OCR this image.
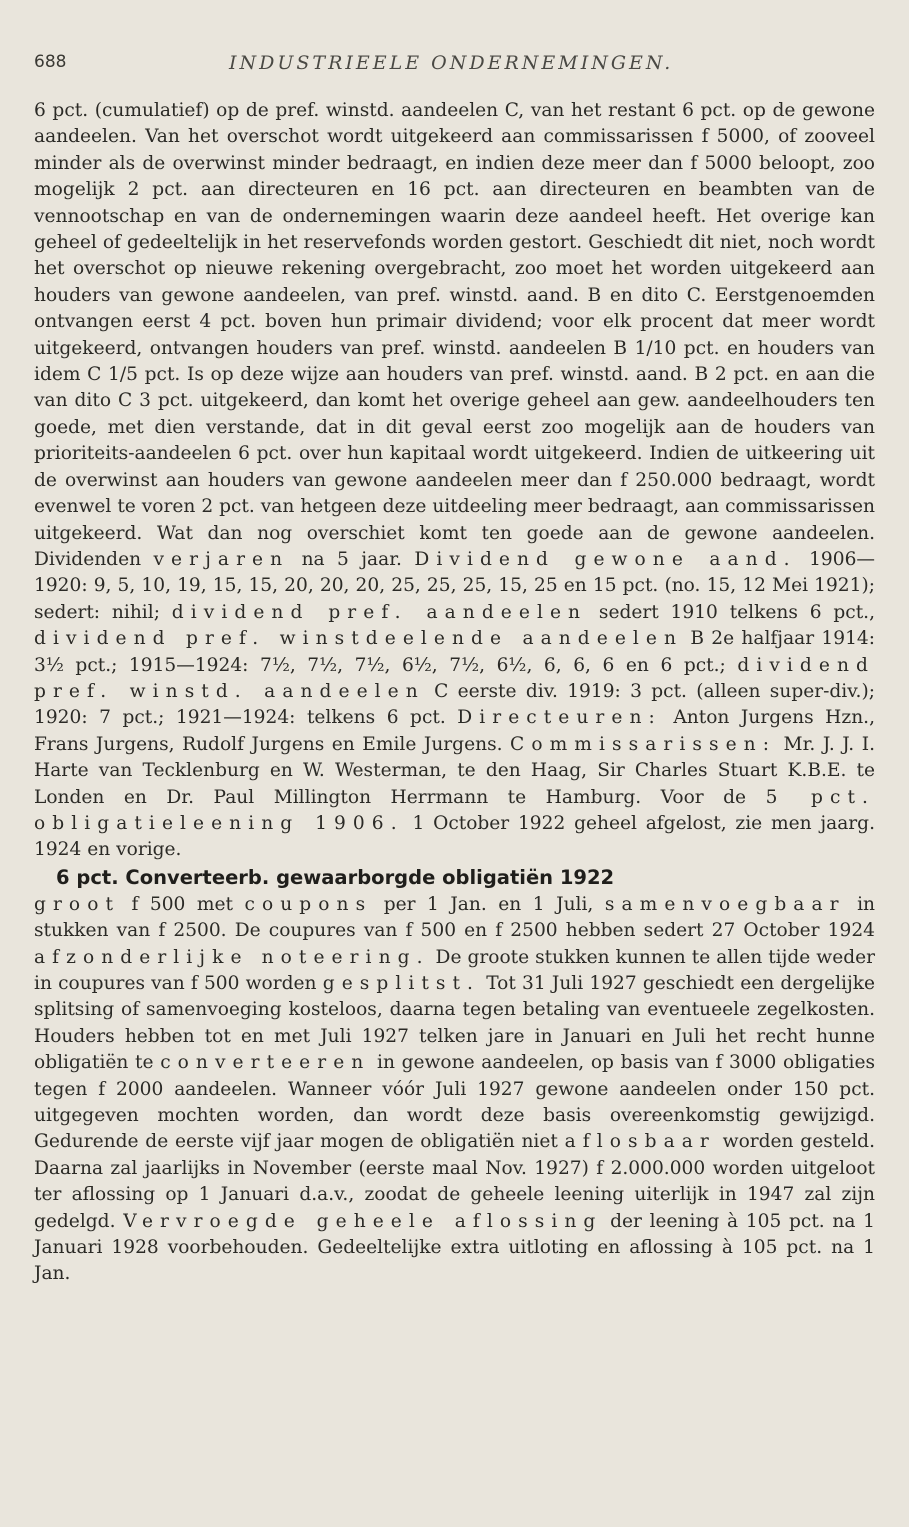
688	INDUSTRIEELE ONDERNEMINGEN.

6 pct. (cumulatief) op de pref. winstd. aandeelen C, van het restant 6 pct. op de gewone aandeelen. Van het overschot wordt uitgekeerd aan commissarissen f 5000, of zooveel minder als de overwinst minder bedraagt, en indien deze meer dan f 5000 beloopt, zoo mogelijk 2 pct. aan directeuren en 16 pct. aan directeuren en beambten van de vennootschap en van de ondernemingen waarin deze aandeel heeft. Het overige kan geheel of gedeeltelijk in het reservefonds worden gestort. Geschiedt dit niet, noch wordt het overschot op nieuwe rekening overgebracht, zoo moet het worden uitgekeerd aan houders van gewone aandeelen, van pref. winstd. aand. B en dito C. Eerstgenoemden ontvangen eerst 4 pct. boven hun primair dividend; voor elk procent dat meer wordt uitgekeerd, ontvangen houders van pref. winstd. aandeelen B 1/10 pct. en houders van idem C 1/5 pct. Is op deze wijze aan houders van pref. winstd. aand. B 2 pct. en aan die van dito C 3 pct. uitgekeerd, dan komt het overige geheel aan gew. aandeelhouders ten goede, met dien verstande, dat in dit geval eerst zoo mogelijk aan de houders van prioriteits-aandeelen 6 pct. over hun kapitaal wordt uitgekeerd. Indien de uitkeering uit de overwinst aan houders van gewone aandeelen meer dan f 250.000 bedraagt, wordt evenwel te voren 2 pct. van hetgeen deze uitdeeling meer bedraagt, aan commissarissen uitgekeerd. Wat dan nog overschiet komt ten goede aan de gewone aandeelen. Dividenden verjaren na 5 jaar. Dividend gewone aand. 1906—1920: 9, 5, 10, 19, 15, 15, 20, 20, 20, 25, 25, 25, 15, 25 en 15 pct. (no. 15, 12 Mei 1921); sedert: nihil; dividend pref. aandeelen sedert 1910 telkens 6 pct., dividend pref. winstdeelende aandeelen B 2e halfjaar 1914: 3½ pct.; 1915—1924: 7½, 7½, 7½, 6½, 7½, 6½, 6, 6, 6 en 6 pct.; dividend pref. winstd. aandeelen C eerste div. 1919: 3 pct. (alleen super-div.); 1920: 7 pct.; 1921—1924: telkens 6 pct. Directeuren: Anton Jurgens Hzn., Frans Jurgens, Rudolf Jurgens en Emile Jurgens. Commissarissen: Mr. J. J. I. Harte van Tecklenburg en W. Westerman, te den Haag, Sir Charles Stuart K.B.E. te Londen en Dr. Paul Millington Herrmann te Hamburg. Voor de 5 pct. obligatieleening 1906. 1 October 1922 geheel afgelost, zie men jaarg. 1924 en vorige.

6 pct. Converteerb. gewaarborgde obligatiën 1922

groot f 500 met coupons per 1 Jan. en 1 Juli, samenvoegbaar in stukken van f 2500. De coupures van f 500 en f 2500 hebben sedert 27 October 1924 afzonderlijke noteering. De groote stukken kunnen te allen tijde weder in coupures van f 500 worden gesplitst. Tot 31 Juli 1927 geschiedt een dergelijke splitsing of samenvoeging kosteloos, daarna tegen betaling van eventueele zegelkosten. Houders hebben tot en met Juli 1927 telken jare in Januari en Juli het recht hunne obligatiën te converteeren in gewone aandeelen, op basis van f 3000 obligaties tegen f 2000 aandeelen. Wanneer vóór Juli 1927 gewone aandeelen onder 150 pct. uitgegeven mochten worden, dan wordt deze basis overeenkomstig gewijzigd. Gedurende de eerste vijf jaar mogen de obligatiën niet aflosbaar worden gesteld. Daarna zal jaarlijks in November (eerste maal Nov. 1927) f 2.000.000 worden uitgeloot ter aflossing op 1 Januari d.a.v., zoodat de geheele leening uiterlijk in 1947 zal zijn gedelgd. Vervroegde geheele aflossing der leening à 105 pct. na 1 Januari 1928 voorbehouden. Gedeeltelijke extra uitloting en aflossing à 105 pct. na 1 Jan.
